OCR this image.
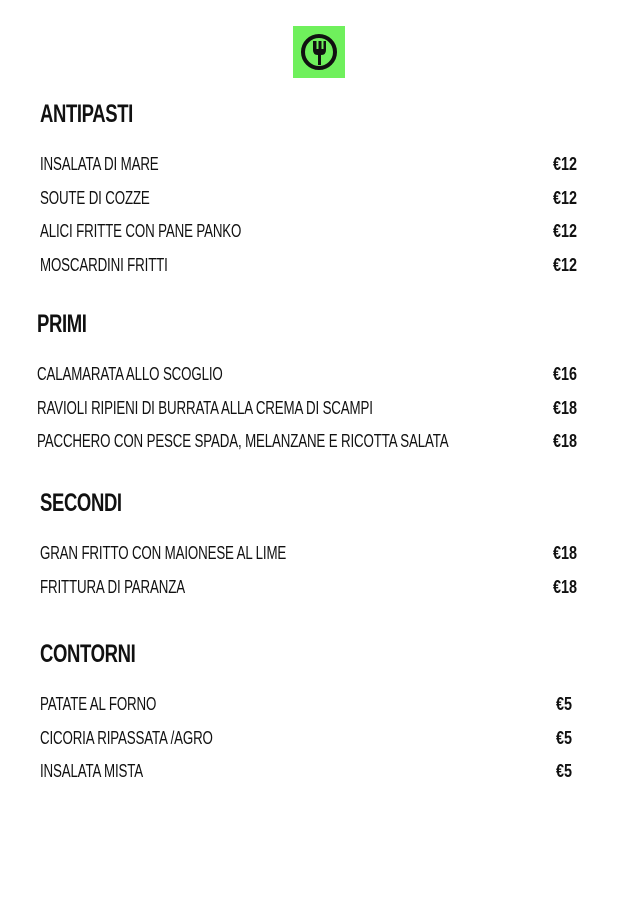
ANTIPASTI
INSALATA DI MARE	€12
SOUTE DI COZZE	€12
ALICI FRITTE CON PANE PANKO	€12
MOSCARDINI FRITTI	€12
PRIMI
CALAMARATA ALLO SCOGLIO	€16
RAVIOLI RIPIENI DI BURRATA ALLA CREMA DI SCAMPI	€18
PACCHERO CON PESCE SPADA, MELANZANE E RICOTTA SALATA	€18
SECONDI
GRAN FRITTO CON MAIONESE AL LIME	€18
FRITTURA DI PARANZA	€18
CONTORNI
PATATE AL FORNO	€5
CICORIA RIPASSATA /AGRO	€5
INSALATA MISTA	€5
